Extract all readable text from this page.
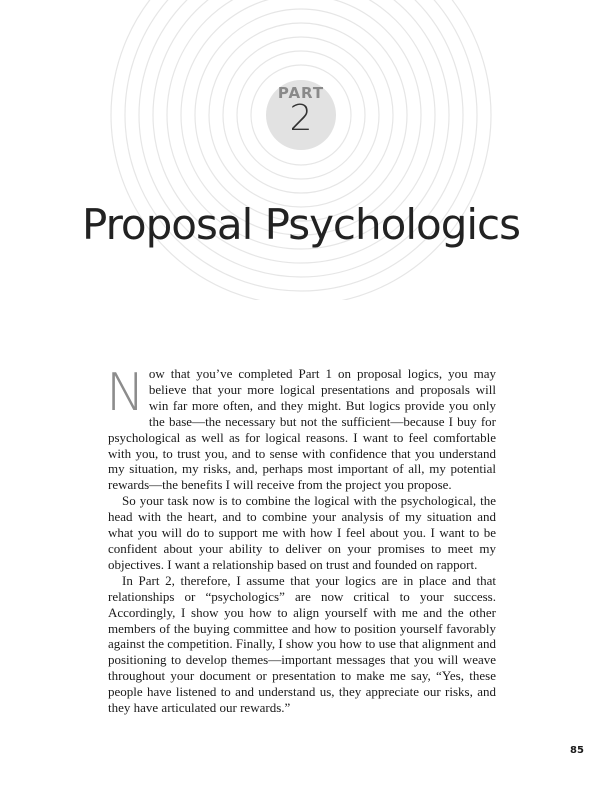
PART
2
Proposal Psychologics

Now that you’ve completed Part 1 on proposal logics, you may believe that your more logical presentations and proposals will win far more often, and they might. But logics provide you only the base—the necessary but not the sufficient—because I buy for psychological as well as for logical reasons. I want to feel comfortable with you, to trust you, and to sense with confidence that you understand my situation, my risks, and, perhaps most important of all, my potential rewards—the benefits I will receive from the project you propose.

So your task now is to combine the logical with the psychological, the head with the heart, and to combine your analysis of my situation and what you will do to support me with how I feel about you. I want to be confident about your ability to deliver on your promises to meet my objectives. I want a relationship based on trust and founded on rapport.

In Part 2, therefore, I assume that your logics are in place and that relationships or “psychologics” are now critical to your success. Accordingly, I show you how to align yourself with me and the other members of the buying committee and how to position yourself favorably against the competition. Finally, I show you how to use that alignment and positioning to develop themes—important messages that you will weave throughout your document or presentation to make me say, “Yes, these people have listened to and understand us, they appreciate our risks, and they have articulated our rewards.”

85
